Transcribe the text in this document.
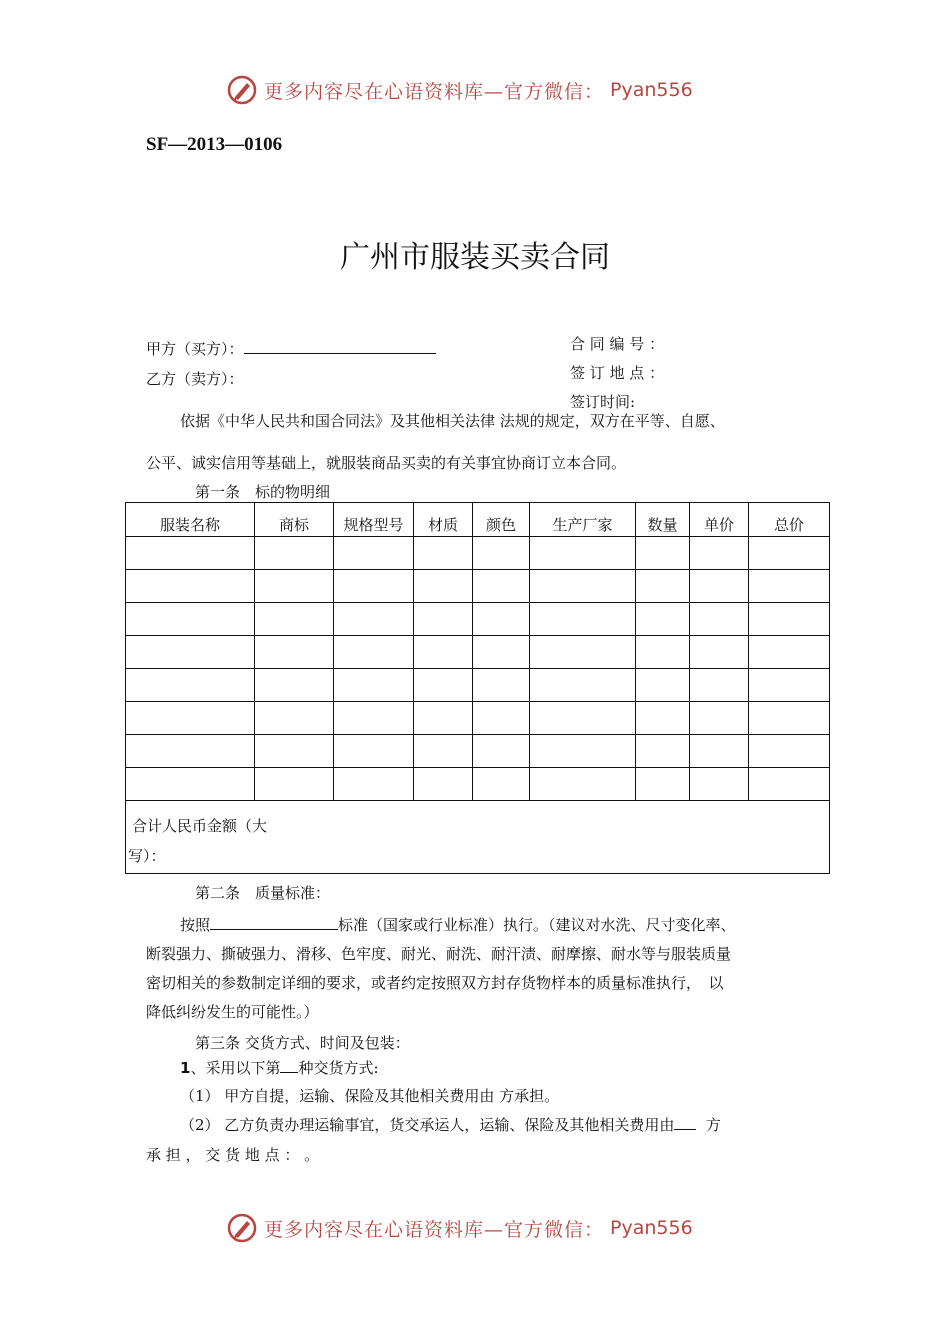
更多内容尽在心语资料库—官方微信： Pyan556
SF—2013—0106
广州市服装买卖合同
甲方（买方）：
乙方（卖方）：
合 同 编 号 ：
签 订 地 点 ：
签订时间:
依据《中华人民共和国合同法》及其他相关法律 法规的规定，双方在平等、自愿、
公平、诚实信用等基础上，就服装商品买卖的有关事宜协商订立本合同。
第一条　标的物明细
服装名称	商标	规格型号	材质	颜色	生产厂家	数量	单价	总价

合计人民币金额（大
写）：								
第二条　质量标准：
按照	标准（国家或行业标准）执行。（建议对水洗、尺寸变化率、
断裂强力、撕破强力、滑移、色牢度、耐光、耐洗、耐汗渍、耐摩擦、耐水等与服装质量
密切相关的参数制定详细的要求，或者约定按照双方封存货物样本的质量标准执行，　以
降低纠纷发生的可能性。）
第三条 交货方式、时间及包装：
1、采用以下第 种交货方式:
（1） 甲方自提，运输、保险及其他相关费用由 方承担。
（2） 乙方负责办理运输事宜，货交承运人，运输、保险及其他相关费用由 方
承 担 ， 交 货 地 点 ： 。
更多内容尽在心语资料库—官方微信： Pyan556
